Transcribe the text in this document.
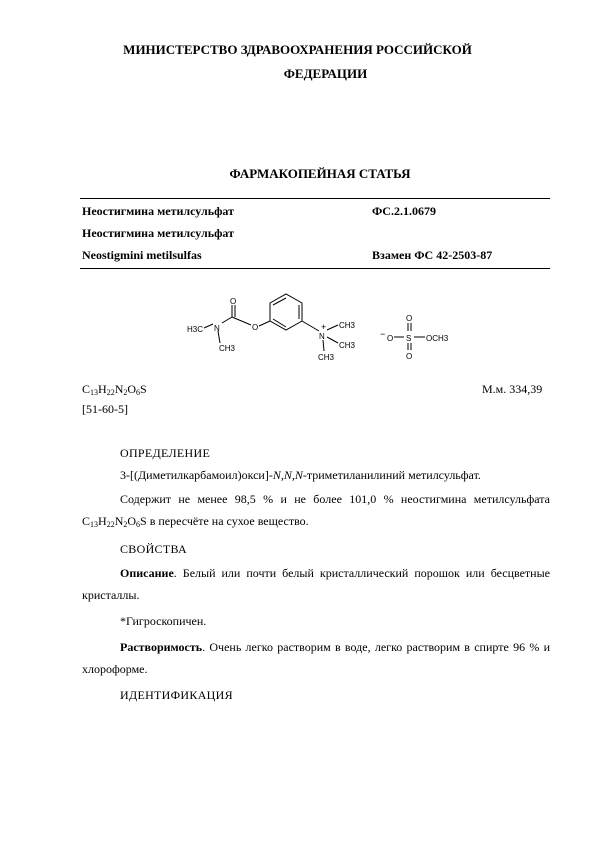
МИНИСТЕРСТВО ЗДРАВООХРАНЕНИЯ РОССИЙСКОЙ
ФЕДЕРАЦИИ
ФАРМАКОПЕЙНАЯ СТАТЬЯ
Неостигмина метилсульфат	ФС.2.1.0679
Неостигмина метилсульфат
Neostigmini metilsulfas	Взамен ФС 42-2503-87
H3C N
CH3
O
O
N
+ CH3
CH3
CH3
− O S
O
O
OCH3
$C_{13}H_{22}N_2O_6S$	М.м. 334,39
[51-60-5]
ОПРЕДЕЛЕНИЕ
3-[(Диметилкарбамоил)окси]-N,N,N-триметиланилиний метилсульфат.
Содержит не менее 98,5 % и не более 101,0 % неостигмина метилсульфата $C_{13}H_{22}N_2O_6S$ в пересчёте на сухое вещество.
СВОЙСТВА
Описание. Белый или почти белый кристаллический порошок или бесцветные кристаллы.
*Гигроскопичен.
Растворимость. Очень легко растворим в воде, легко растворим в спирте 96 % и хлороформе.
ИДЕНТИФИКАЦИЯ
